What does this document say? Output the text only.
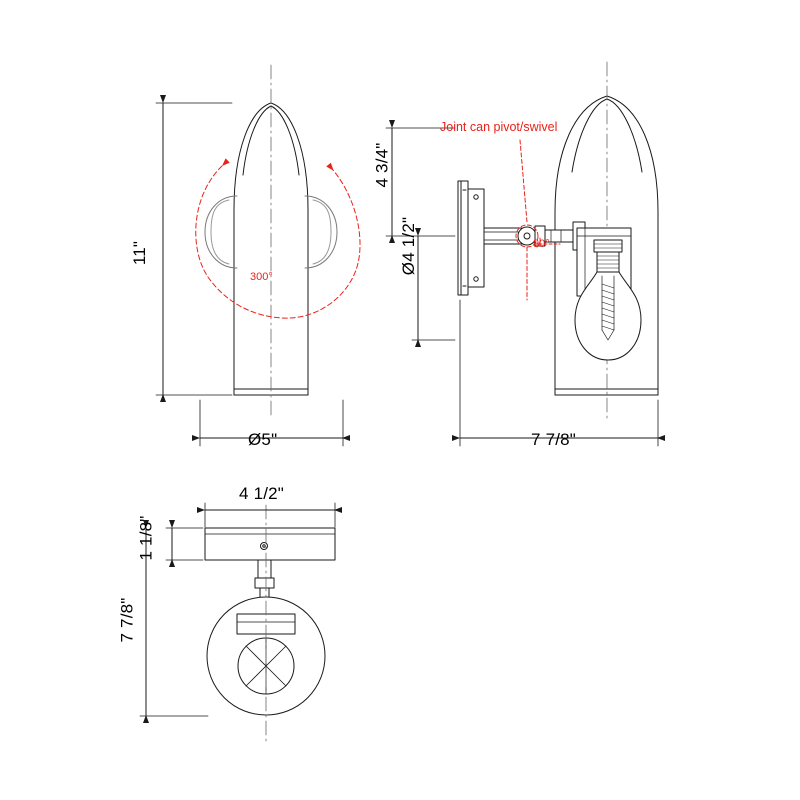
11"
Ø5"
300°
4 3/4"
Ø4 1/2"
7 7/8"
Joint can pivot/swivel
90°
4 1/2"
1 1/8"
7 7/8"
